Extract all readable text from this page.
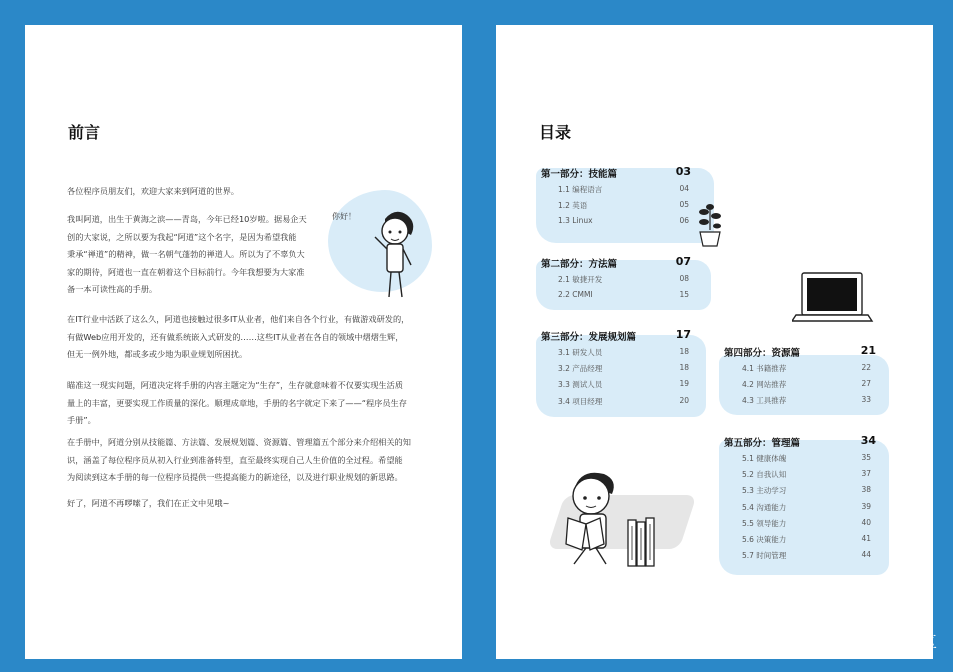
前言
各位程序员朋友们，欢迎大家来到阿道的世界。
我叫阿道，出生于黄海之滨——青岛，今年已经10岁啦。据易企天
创的大家说，之所以要为我起“阿道”这个名字，是因为希望我能
秉承“禅道”的精神，做一名朝气蓬勃的禅道人。所以为了不辜负大
家的期待，阿道也一直在朝着这个目标前行。今年我想要为大家准
备一本可读性高的手册。
在IT行业中活跃了这么久，阿道也接触过很多IT从业者，他们来自各个行业，有做游戏研发的，
有做Web应用开发的，还有做系统嵌入式研发的……这些IT从业者在各自的领域中熠熠生辉，
但无一例外地，都或多或少地为职业规划所困扰。
瞄准这一现实问题，阿道决定将手册的内容主题定为“生存”，生存就意味着不仅要实现生活质
量上的丰富，更要实现工作质量的深化。顺理成章地，手册的名字就定下来了——“程序员生存
手册”。
在手册中，阿道分别从技能篇、方法篇、发展规划篇、资源篇、管理篇五个部分来介绍相关的知
识，涵盖了每位程序员从初入行业到准备转型，直至最终实现自己人生价值的全过程。希望能
为阅读到这本手册的每一位程序员提供一些提高能力的新途径，以及进行职业规划的新思路。
好了，阿道不再啰嗦了，我们在正文中见哦~
你好！
目录
第一部分：技能篇	03
1.1 编程语言	04
1.2 英语	05
1.3 Linux	06
第二部分：方法篇	07
2.1 敏捷开发	08
2.2 CMMI	15
第三部分：发展规划篇	17
3.1 研发人员	18
3.2 产品经理	18
3.3 测试人员	19
3.4 项目经理	20
第四部分：资源篇	21
4.1 书籍推荐	22
4.2 网站推荐	27
4.3 工具推荐	33
第五部分：管理篇	34
5.1 健康体魄	35
5.2 自我认知	37
5.3 主动学习	38
5.4 沟通能力	39
5.5 领导能力	40
5.6 决策能力	41
5.7 时间管理	44
@稀土掘金技术社区
